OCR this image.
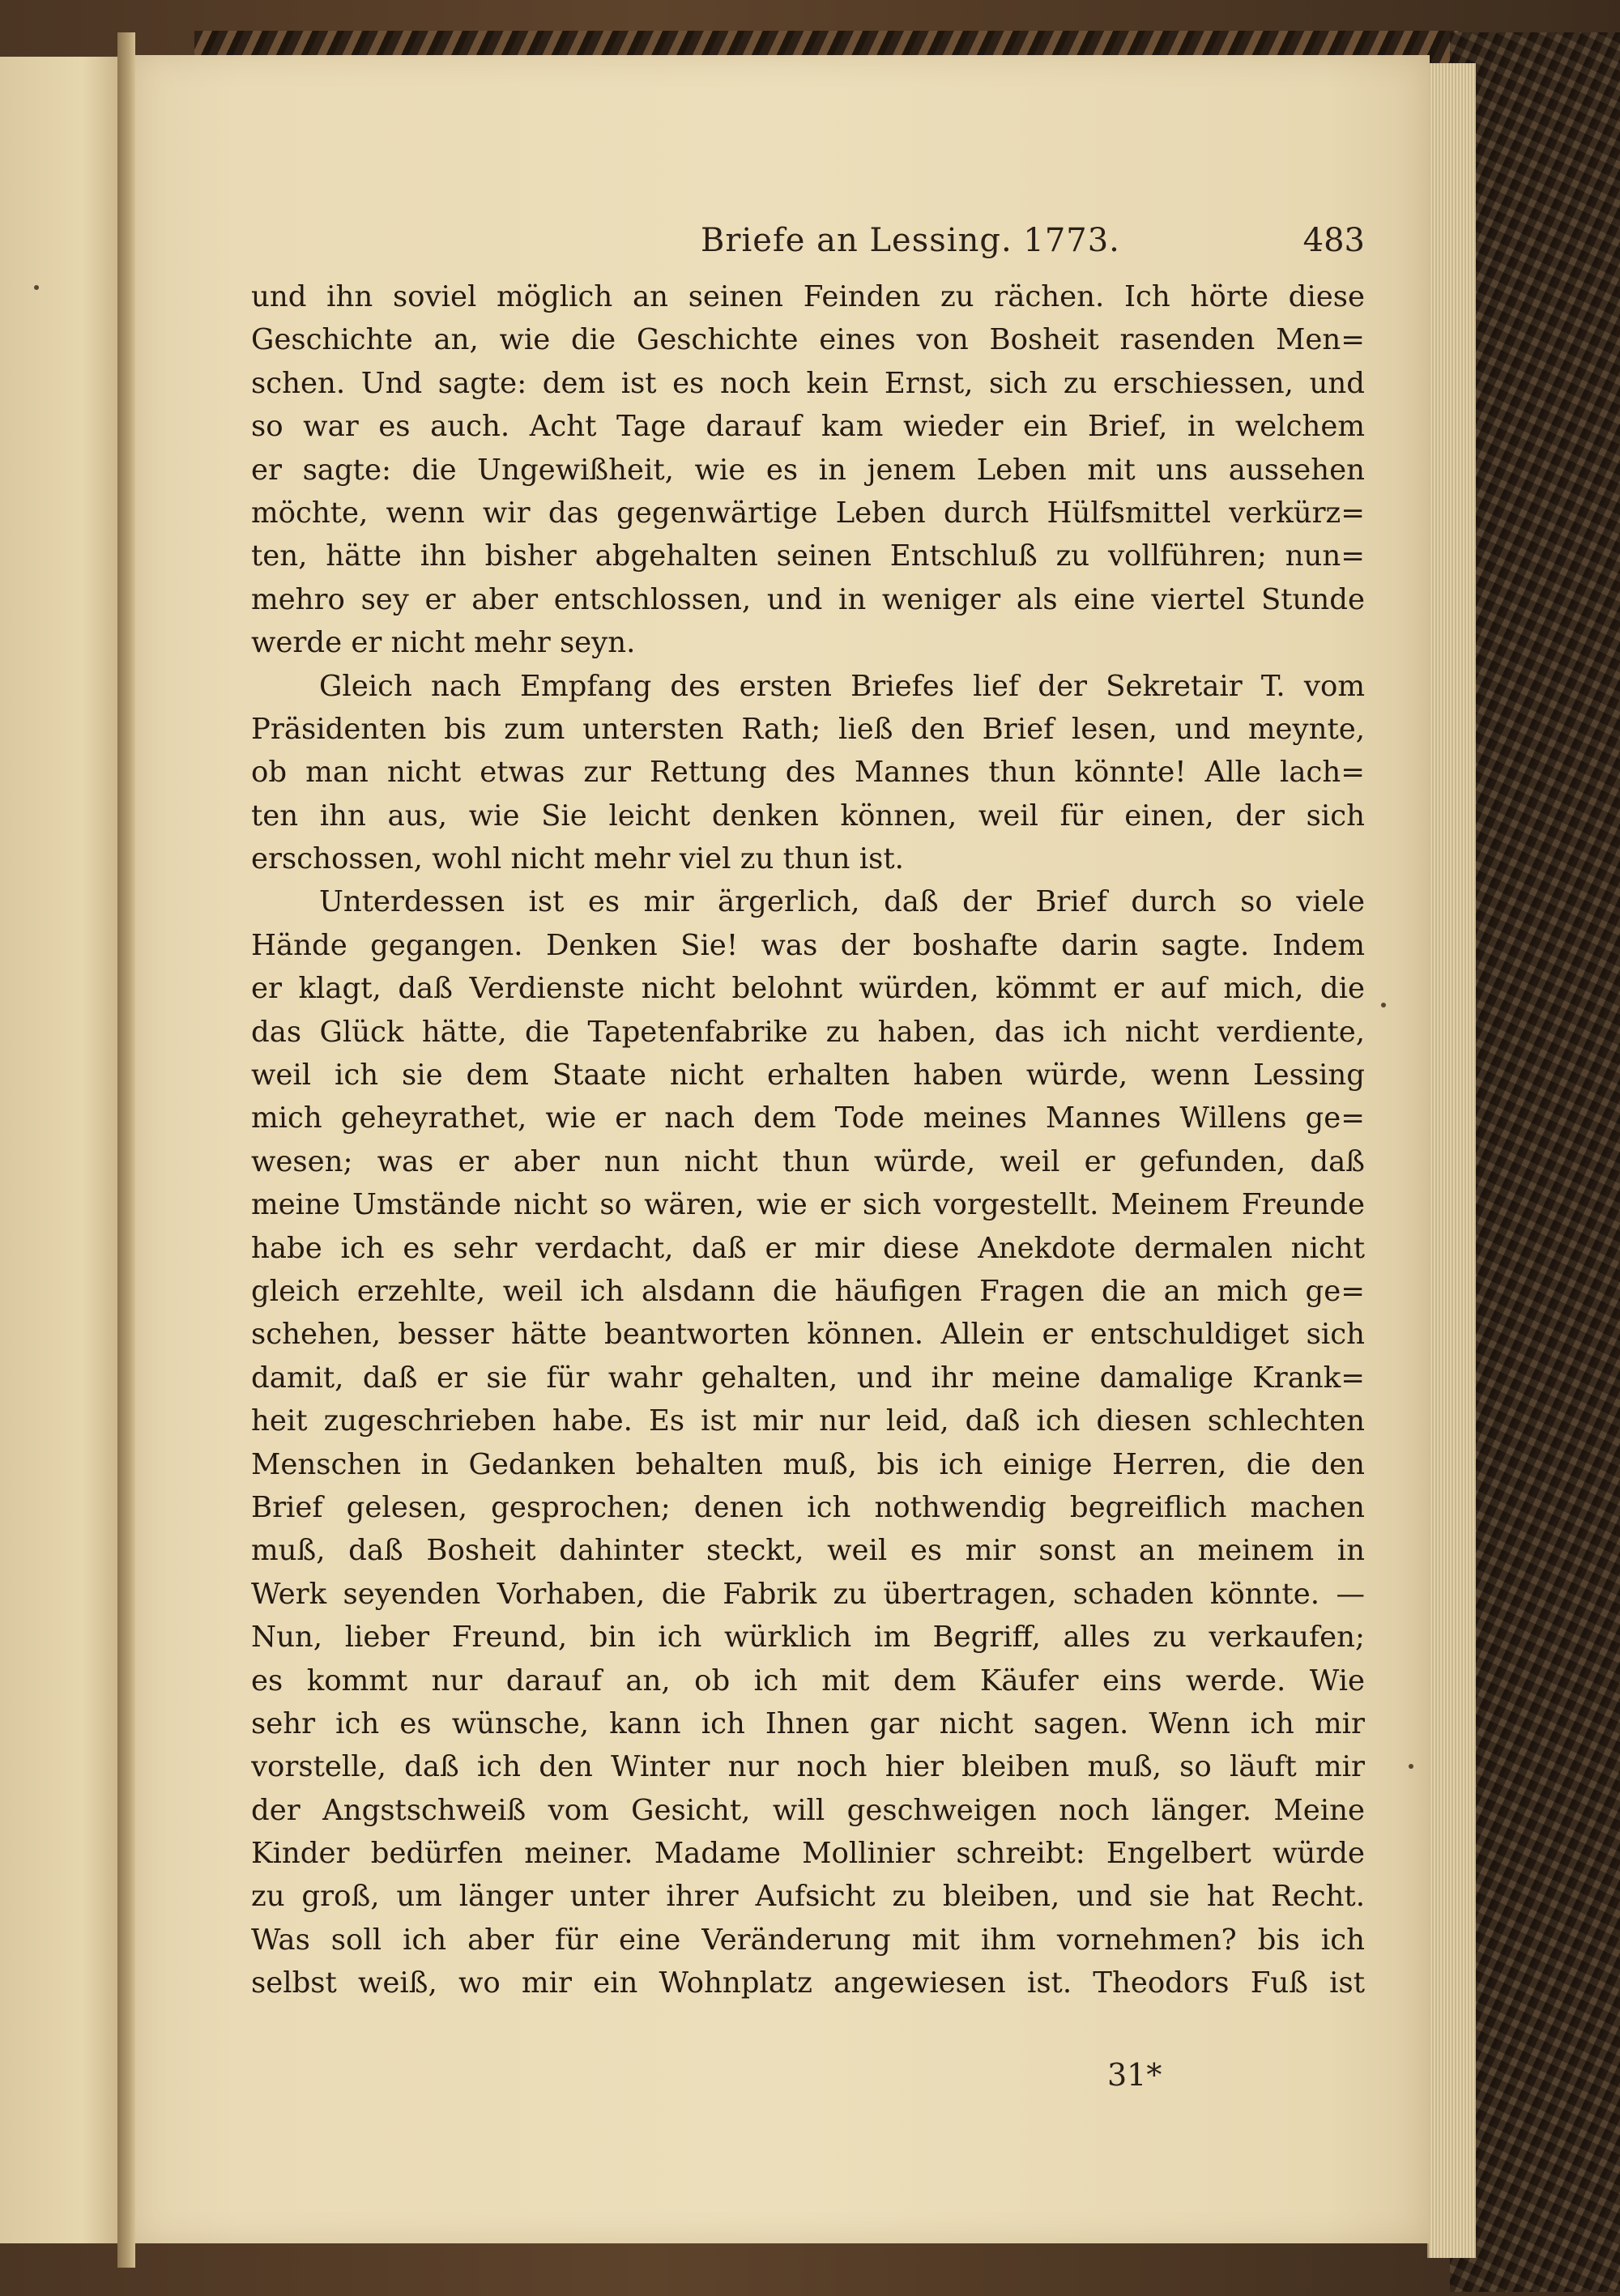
Briefe an Lessing. 1773.	483
und ihn soviel möglich an seinen Feinden zu rächen. Ich hörte diese
Geschichte an, wie die Geschichte eines von Bosheit rasenden Men=
schen. Und sagte: dem ist es noch kein Ernst, sich zu erschiessen, und
so war es auch. Acht Tage darauf kam wieder ein Brief, in welchem
er sagte: die Ungewißheit, wie es in jenem Leben mit uns aussehen
möchte, wenn wir das gegenwärtige Leben durch Hülfsmittel verkürz=
ten, hätte ihn bisher abgehalten seinen Entschluß zu vollführen; nun=
mehro sey er aber entschlossen, und in weniger als eine viertel Stunde
werde er nicht mehr seyn.
Gleich nach Empfang des ersten Briefes lief der Sekretair T. vom
Präsidenten bis zum untersten Rath; ließ den Brief lesen, und meynte,
ob man nicht etwas zur Rettung des Mannes thun könnte! Alle lach=
ten ihn aus, wie Sie leicht denken können, weil für einen, der sich
erschossen, wohl nicht mehr viel zu thun ist.
Unterdessen ist es mir ärgerlich, daß der Brief durch so viele
Hände gegangen. Denken Sie! was der boshafte darin sagte. Indem
er klagt, daß Verdienste nicht belohnt würden, kömmt er auf mich, die
das Glück hätte, die Tapetenfabrike zu haben, das ich nicht verdiente,
weil ich sie dem Staate nicht erhalten haben würde, wenn Lessing
mich geheyrathet, wie er nach dem Tode meines Mannes Willens ge=
wesen; was er aber nun nicht thun würde, weil er gefunden, daß
meine Umstände nicht so wären, wie er sich vorgestellt. Meinem Freunde
habe ich es sehr verdacht, daß er mir diese Anekdote dermalen nicht
gleich erzehlte, weil ich alsdann die häufigen Fragen die an mich ge=
schehen, besser hätte beantworten können. Allein er entschuldiget sich
damit, daß er sie für wahr gehalten, und ihr meine damalige Krank=
heit zugeschrieben habe. Es ist mir nur leid, daß ich diesen schlechten
Menschen in Gedanken behalten muß, bis ich einige Herren, die den
Brief gelesen, gesprochen; denen ich nothwendig begreiflich machen
muß, daß Bosheit dahinter steckt, weil es mir sonst an meinem in
Werk seyenden Vorhaben, die Fabrik zu übertragen, schaden könnte. —
Nun, lieber Freund, bin ich würklich im Begriff, alles zu verkaufen;
es kommt nur darauf an, ob ich mit dem Käufer eins werde. Wie
sehr ich es wünsche, kann ich Ihnen gar nicht sagen. Wenn ich mir
vorstelle, daß ich den Winter nur noch hier bleiben muß, so läuft mir
der Angstschweiß vom Gesicht, will geschweigen noch länger. Meine
Kinder bedürfen meiner. Madame Mollinier schreibt: Engelbert würde
zu groß, um länger unter ihrer Aufsicht zu bleiben, und sie hat Recht.
Was soll ich aber für eine Veränderung mit ihm vornehmen? bis ich
selbst weiß, wo mir ein Wohnplatz angewiesen ist. Theodors Fuß ist
31*
